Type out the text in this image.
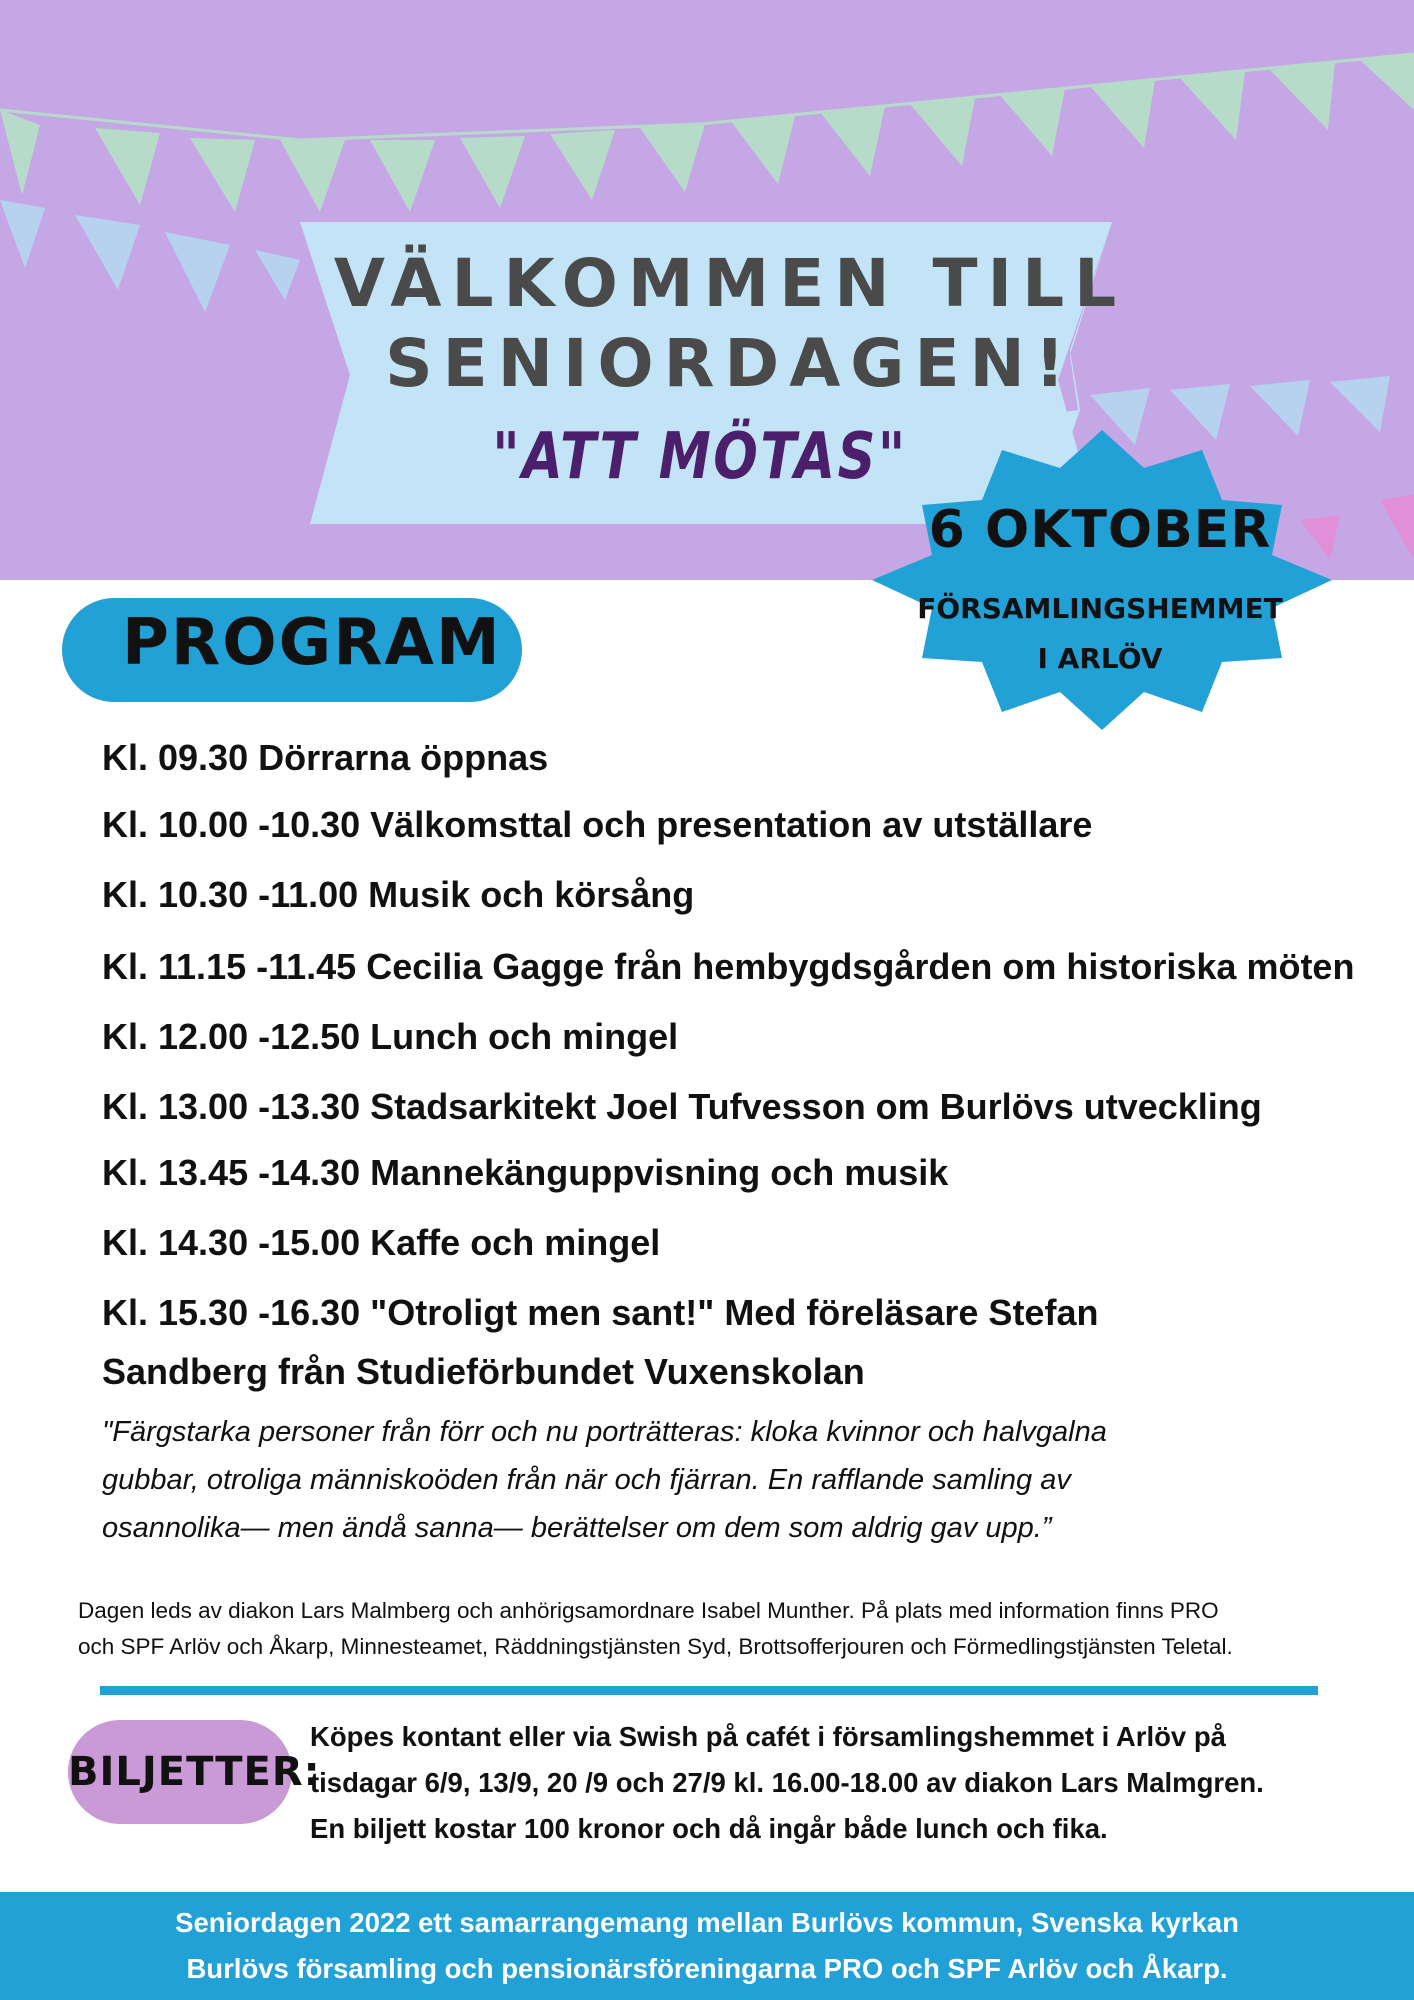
VÄLKOMMEN TILL
SENIORDAGEN!
"ATT MÖTAS"
6 OKTOBER
FÖRSAMLINGSHEMMET
I ARLÖV
PROGRAM
Kl. 09.30 Dörrarna öppnas
Kl. 10.00 -10.30 Välkomsttal och presentation av utställare
Kl. 10.30 -11.00 Musik och körsång
Kl. 11.15 -11.45 Cecilia Gagge från hembygdsgården om historiska möten
Kl. 12.00 -12.50 Lunch och mingel
Kl. 13.00 -13.30 Stadsarkitekt Joel Tufvesson om Burlövs utveckling
Kl. 13.45 -14.30 Mannekänguppvisning och musik
Kl. 14.30 -15.00 Kaffe och mingel
Kl. 15.30 -16.30 "Otroligt men sant!" Med föreläsare Stefan
Sandberg från Studieförbundet Vuxenskolan
"Färgstarka personer från förr och nu porträtteras: kloka kvinnor och halvgalna
gubbar, otroliga människoöden från när och fjärran. En rafflande samling av
osannolika— men ändå sanna— berättelser om dem som aldrig gav upp.”
Dagen leds av diakon Lars Malmberg och anhörigsamordnare Isabel Munther. På plats med information finns PRO
och SPF Arlöv och Åkarp, Minnesteamet, Räddningstjänsten Syd, Brottsofferjouren och Förmedlingstjänsten Teletal.
BILJETTER:
Köpes kontant eller via Swish på cafét i församlingshemmet i Arlöv på
tisdagar 6/9, 13/9, 20 /9 och 27/9 kl. 16.00-18.00 av diakon Lars Malmgren.
En biljett kostar 100 kronor och då ingår både lunch och fika.
Seniordagen 2022 ett samarrangemang mellan Burlövs kommun, Svenska kyrkan
Burlövs församling och pensionärsföreningarna PRO och SPF Arlöv och Åkarp.
